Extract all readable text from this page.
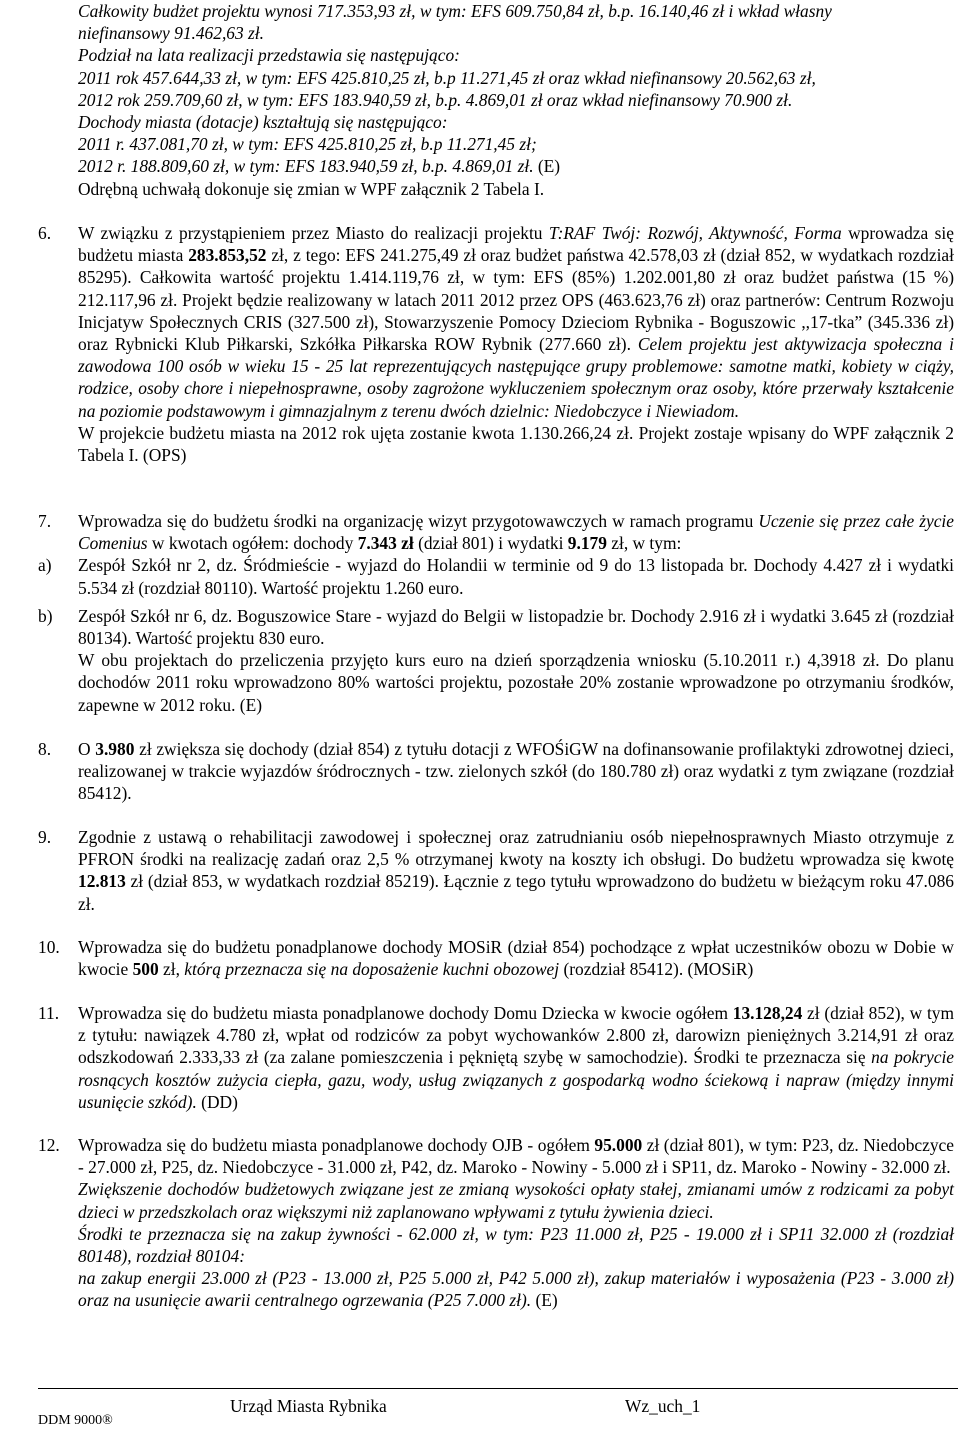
Całkowity budżet projektu wynosi 717.353,93 zł, w tym: EFS 609.750,84 zł, b.p. 16.140,46 zł i wkład własny

niefinansowy 91.462,63 zł.

Podział na lata realizacji przedstawia się następująco:

2011 rok 457.644,33 zł, w tym: EFS 425.810,25 zł, b.p 11.271,45 zł oraz wkład niefinansowy 20.562,63 zł,

2012 rok 259.709,60 zł, w tym: EFS 183.940,59 zł, b.p. 4.869,01 zł oraz wkład niefinansowy 70.900 zł.

Dochody miasta (dotacje) kształtują się następująco:

2011 r. 437.081,70 zł, w tym: EFS 425.810,25 zł, b.p 11.271,45 zł;

2012 r. 188.809,60 zł, w tym: EFS 183.940,59 zł, b.p. 4.869,01 zł. (E)

Odrębną uchwałą dokonuje się zmian w WPF załącznik 2 Tabela I.

6. W związku z przystąpieniem przez Miasto do realizacji projektu T:RAF Twój: Rozwój, Aktywność, Forma wprowadza się budżetu miasta 283.853,52 zł, z tego: EFS 241.275,49 zł oraz budżet państwa 42.578,03 zł (dział 852, w wydatkach rozdział 85295). Całkowita wartość projektu 1.414.119,76 zł, w tym: EFS (85%) 1.202.001,80 zł oraz budżet państwa (15 %) 212.117,96 zł. Projekt będzie realizowany w latach 2011 2012 przez OPS (463.623,76 zł) oraz partnerów: Centrum Rozwoju Inicjatyw Społecznych CRIS (327.500 zł), Stowarzyszenie Pomocy Dzieciom Rybnika - Boguszowic ,,17-tka” (345.336 zł) oraz Rybnicki Klub Piłkarski, Szkółka Piłkarska ROW Rybnik (277.660 zł). Celem projektu jest aktywizacja społeczna i zawodowa 100 osób w wieku 15 - 25 lat reprezentujących następujące grupy problemowe: samotne matki, kobiety w ciąży, rodzice, osoby chore i niepełnosprawne, osoby zagrożone wykluczeniem społecznym oraz osoby, które przerwały kształcenie na poziomie podstawowym i gimnazjalnym z terenu dwóch dzielnic: Niedobczyce i Niewiadom.

W projekcie budżetu miasta na 2012 rok ujęta zostanie kwota 1.130.266,24 zł. Projekt zostaje wpisany do WPF załącznik 2 Tabela I. (OPS)

7. Wprowadza się do budżetu środki na organizację wizyt przygotowawczych w ramach programu Uczenie się przez całe życie Comenius w kwotach ogółem: dochody 7.343 zł (dział 801) i wydatki 9.179 zł, w tym:

a) Zespół Szkół nr 2, dz. Śródmieście - wyjazd do Holandii w terminie od 9 do 13 listopada br. Dochody 4.427 zł i wydatki 5.534 zł (rozdział 80110). Wartość projektu 1.260 euro.

b) Zespół Szkół nr 6, dz. Boguszowice Stare - wyjazd do Belgii w listopadzie br. Dochody 2.916 zł i wydatki 3.645 zł (rozdział 80134). Wartość projektu 830 euro.

W obu projektach do przeliczenia przyjęto kurs euro na dzień sporządzenia wniosku (5.10.2011 r.) 4,3918 zł. Do planu dochodów 2011 roku wprowadzono 80% wartości projektu, pozostałe 20% zostanie wprowadzone po otrzymaniu środków, zapewne w 2012 roku. (E)

8. O 3.980 zł zwiększa się dochody (dział 854) z tytułu dotacji z WFOŚiGW na dofinansowanie profilaktyki zdrowotnej dzieci, realizowanej w trakcie wyjazdów śródrocznych - tzw. zielonych szkół (do 180.780 zł) oraz wydatki z tym związane (rozdział 85412).

9. Zgodnie z ustawą o rehabilitacji zawodowej i społecznej oraz zatrudnianiu osób niepełnosprawnych Miasto otrzymuje z PFRON środki na realizację zadań oraz 2,5 % otrzymanej kwoty na koszty ich obsługi. Do budżetu wprowadza się kwotę 12.813 zł (dział 853, w wydatkach rozdział 85219). Łącznie z tego tytułu wprowadzono do budżetu w bieżącym roku 47.086 zł.

10. Wprowadza się do budżetu ponadplanowe dochody MOSiR (dział 854) pochodzące z wpłat uczestników obozu w Dobie w kwocie 500 zł, którą przeznacza się na doposażenie kuchni obozowej (rozdział 85412). (MOSiR)

11. Wprowadza się do budżetu miasta ponadplanowe dochody Domu Dziecka w kwocie ogółem 13.128,24 zł (dział 852), w tym z tytułu: nawiązek 4.780 zł, wpłat od rodziców za pobyt wychowanków 2.800 zł, darowizn pieniężnych 3.214,91 zł oraz odszkodowań 2.333,33 zł (za zalane pomieszczenia i pękniętą szybę w samochodzie). Środki te przeznacza się na pokrycie rosnących kosztów zużycia ciepła, gazu, wody, usług związanych z gospodarką wodno ściekową i napraw (między innymi usunięcie szkód). (DD)

12. Wprowadza się do budżetu miasta ponadplanowe dochody OJB - ogółem 95.000 zł (dział 801), w tym: P23, dz. Niedobczyce - 27.000 zł, P25, dz. Niedobczyce - 31.000 zł, P42, dz. Maroko - Nowiny - 5.000 zł i SP11, dz. Maroko - Nowiny - 32.000 zł.

Zwiększenie dochodów budżetowych związane jest ze zmianą wysokości opłaty stałej, zmianami umów z rodzicami za pobyt dzieci w przedszkolach oraz większymi niż zaplanowano wpływami z tytułu żywienia dzieci.

Środki te przeznacza się na zakup żywności - 62.000 zł, w tym: P23 11.000 zł, P25 - 19.000 zł i SP11 32.000 zł (rozdział 80148), rozdział 80104:

na zakup energii 23.000 zł (P23 - 13.000 zł, P25 5.000 zł, P42 5.000 zł), zakup materiałów i wyposażenia (P23 - 3.000 zł) oraz na usunięcie awarii centralnego ogrzewania (P25 7.000 zł). (E)

DDM 9000®
Urząd Miasta Rybnika	Wz_uch_1
